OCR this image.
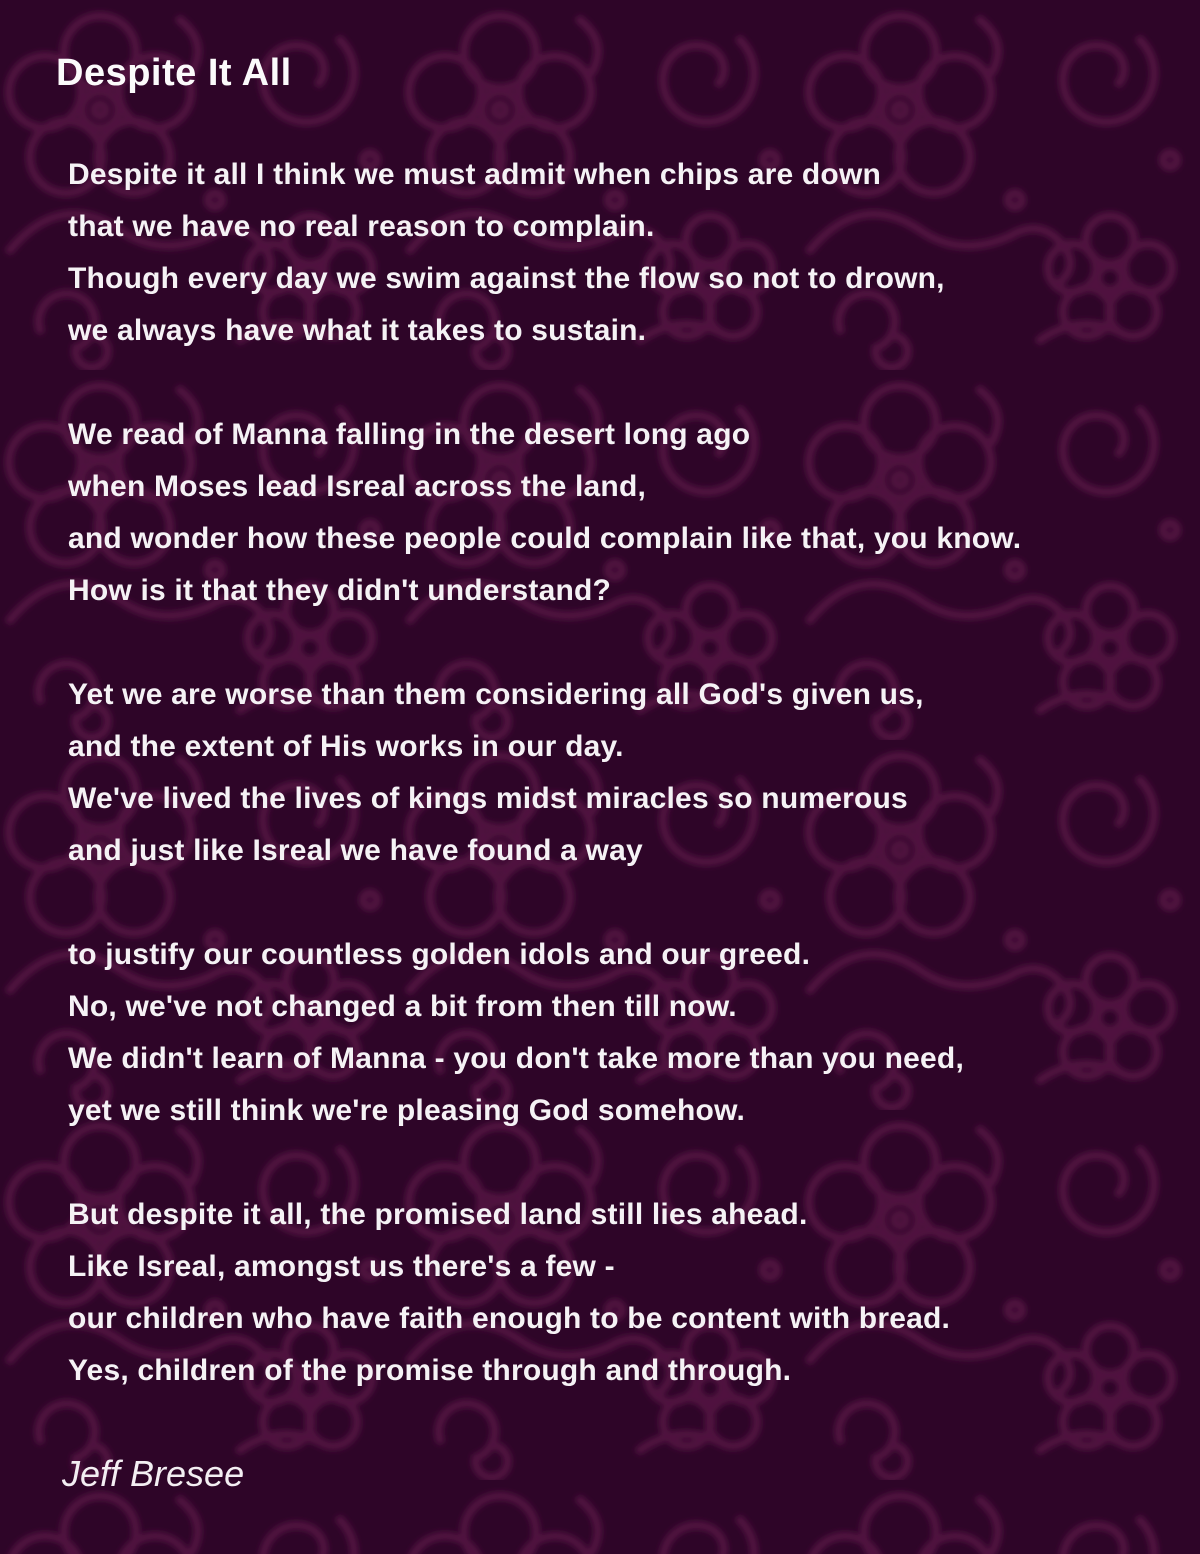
Despite It All
Despite it all I think we must admit when chips are down
that we have no real reason to complain.
Though every day we swim against the flow so not to drown,
we always have what it takes to sustain.
We read of Manna falling in the desert long ago
when Moses lead Isreal across the land,
and wonder how these people could complain like that, you know.
How is it that they didn't understand?
Yet we are worse than them considering all God's given us,
and the extent of His works in our day.
We've lived the lives of kings midst miracles so numerous
and just like Isreal we have found a way
to justify our countless golden idols and our greed.
No, we've not changed a bit from then till now.
We didn't learn of Manna - you don't take more than you need,
yet we still think we're pleasing God somehow.
But despite it all, the promised land still lies ahead.
Like Isreal, amongst us there's a few -
our children who have faith enough to be content with bread.
Yes, children of the promise through and through.
Jeff Bresee
